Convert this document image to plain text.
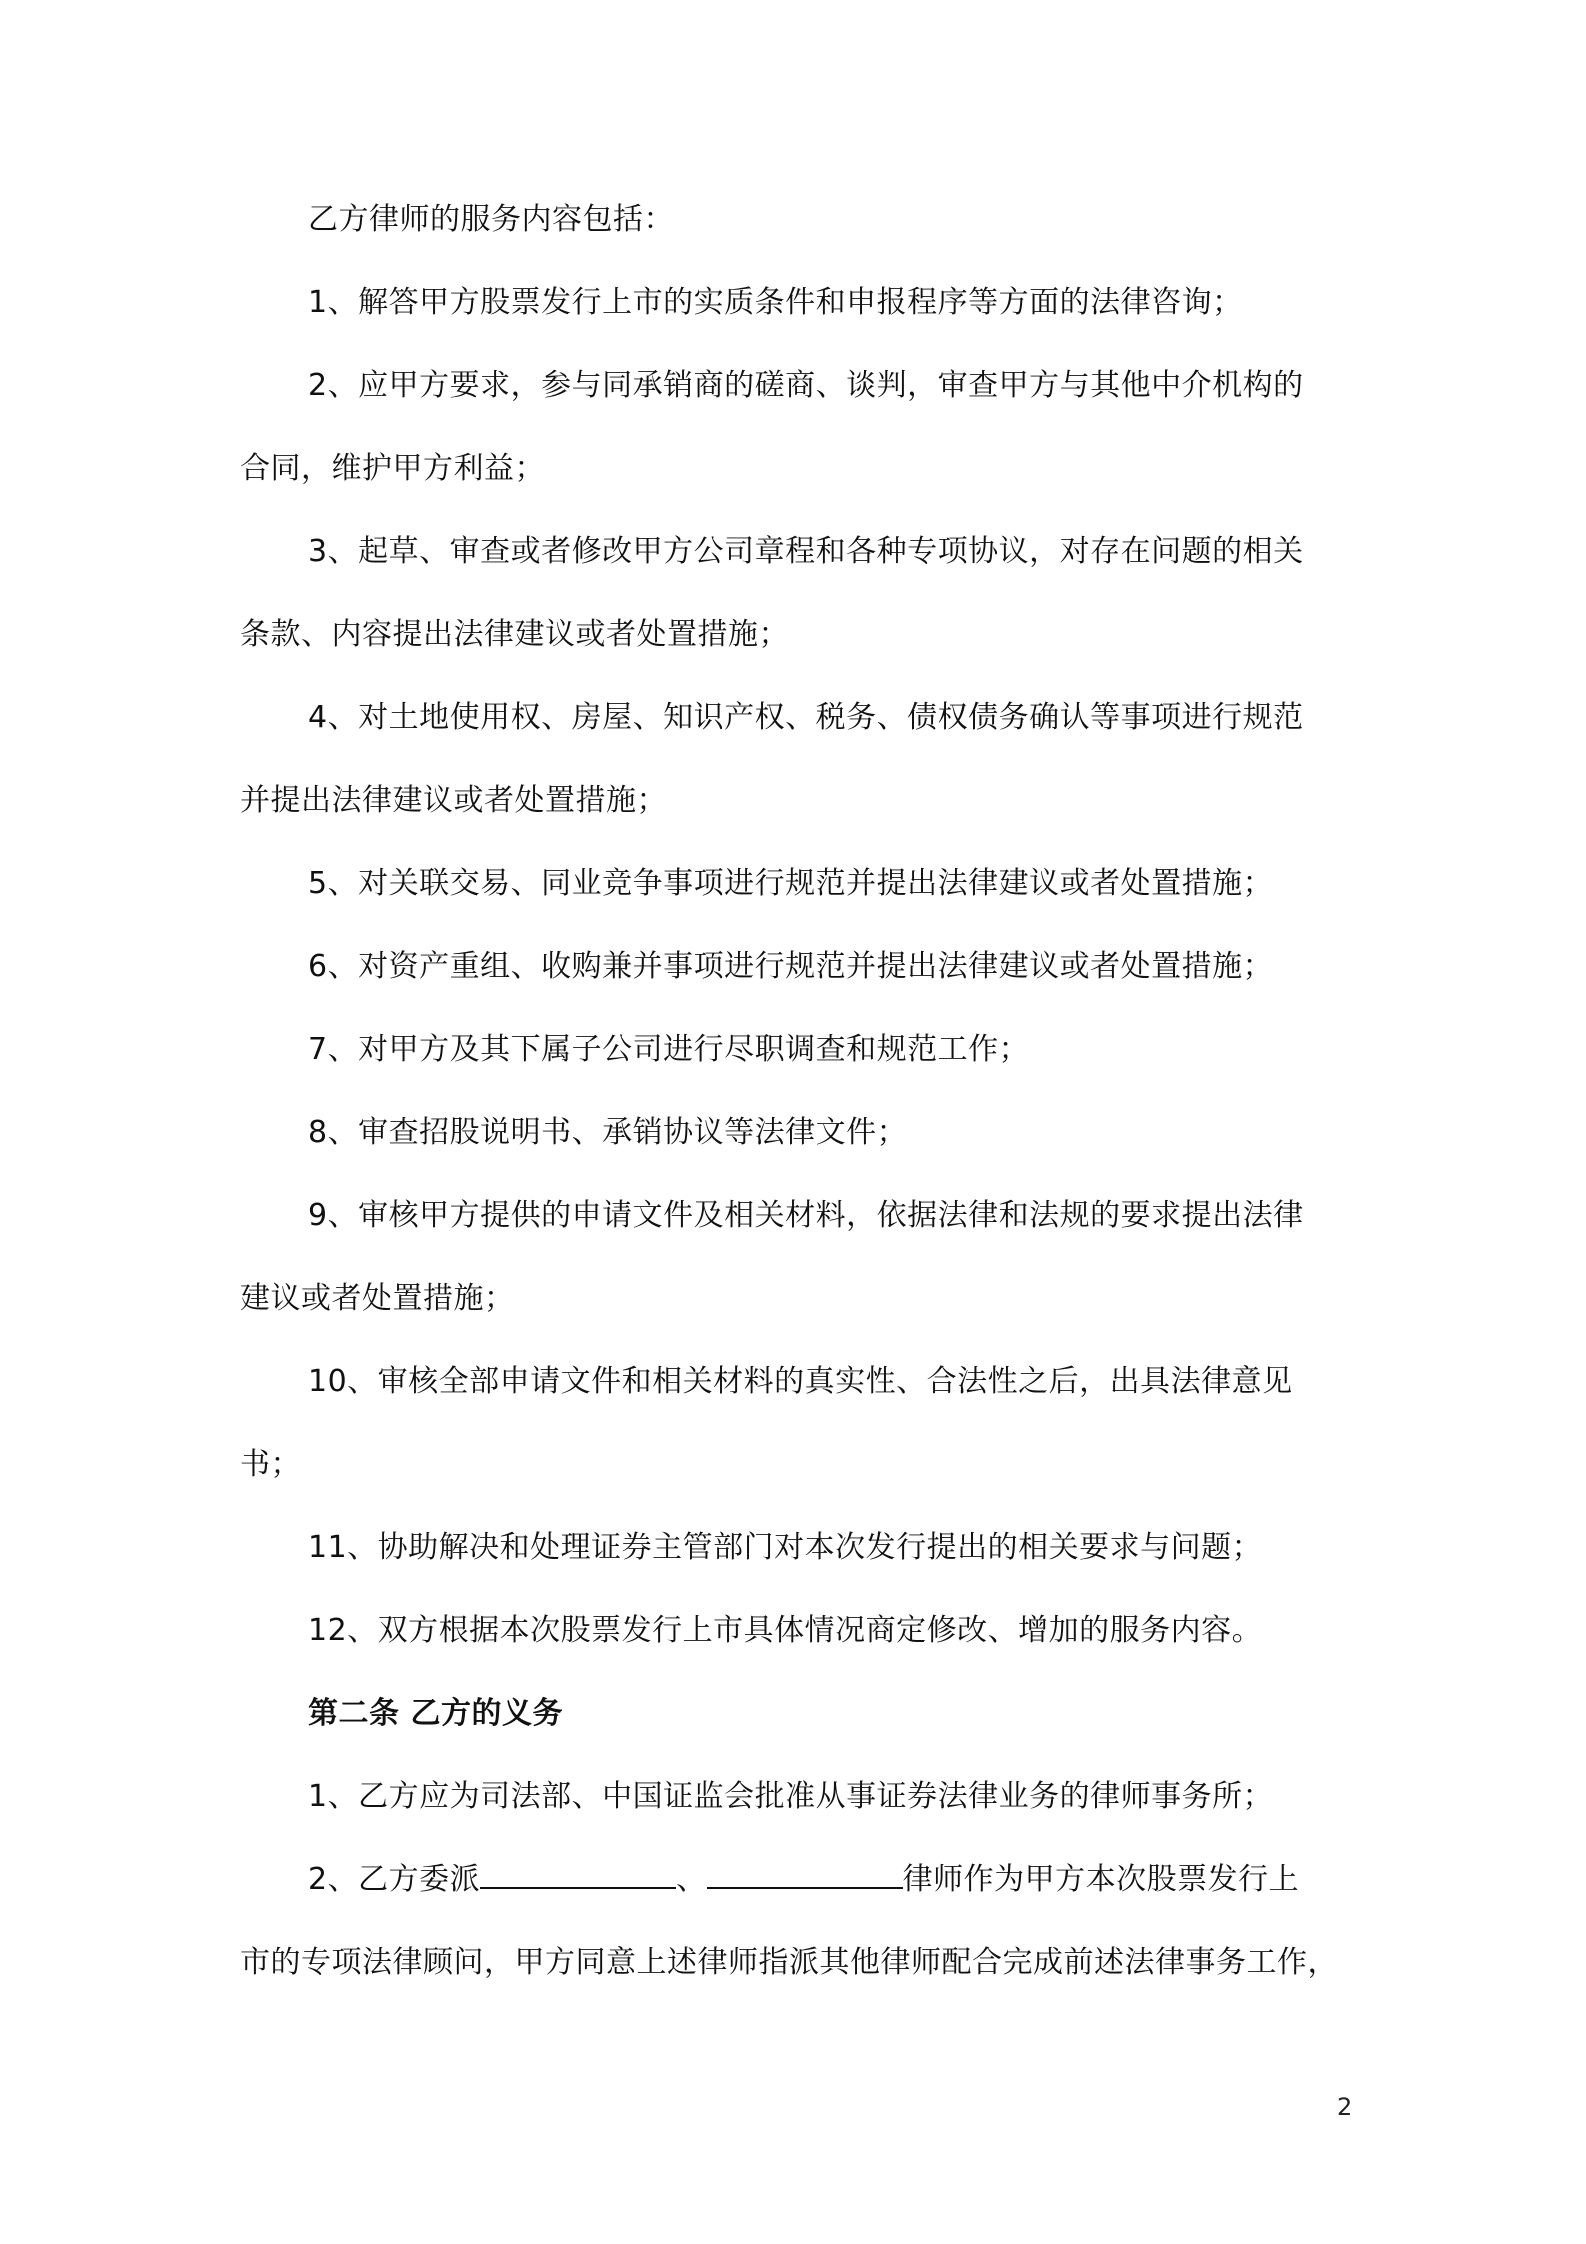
乙方律师的服务内容包括：
1、解答甲方股票发行上市的实质条件和申报程序等方面的法律咨询；
2、应甲方要求，参与同承销商的磋商、谈判，审查甲方与其他中介机构的
合同，维护甲方利益；
3、起草、审查或者修改甲方公司章程和各种专项协议，对存在问题的相关
条款、内容提出法律建议或者处置措施；
4、对土地使用权、房屋、知识产权、税务、债权债务确认等事项进行规范
并提出法律建议或者处置措施；
5、对关联交易、同业竞争事项进行规范并提出法律建议或者处置措施；
6、对资产重组、收购兼并事项进行规范并提出法律建议或者处置措施；
7、对甲方及其下属子公司进行尽职调查和规范工作；
8、审查招股说明书、承销协议等法律文件；
9、审核甲方提供的申请文件及相关材料，依据法律和法规的要求提出法律
建议或者处置措施；
10、审核全部申请文件和相关材料的真实性、合法性之后，出具法律意见
书；
11、协助解决和处理证券主管部门对本次发行提出的相关要求与问题；
12、双方根据本次股票发行上市具体情况商定修改、增加的服务内容。
第二条 乙方的义务
1、乙方应为司法部、中国证监会批准从事证券法律业务的律师事务所；
2、乙方委派	、	律师作为甲方本次股票发行上
市的专项法律顾问，甲方同意上述律师指派其他律师配合完成前述法律事务工作，
2
